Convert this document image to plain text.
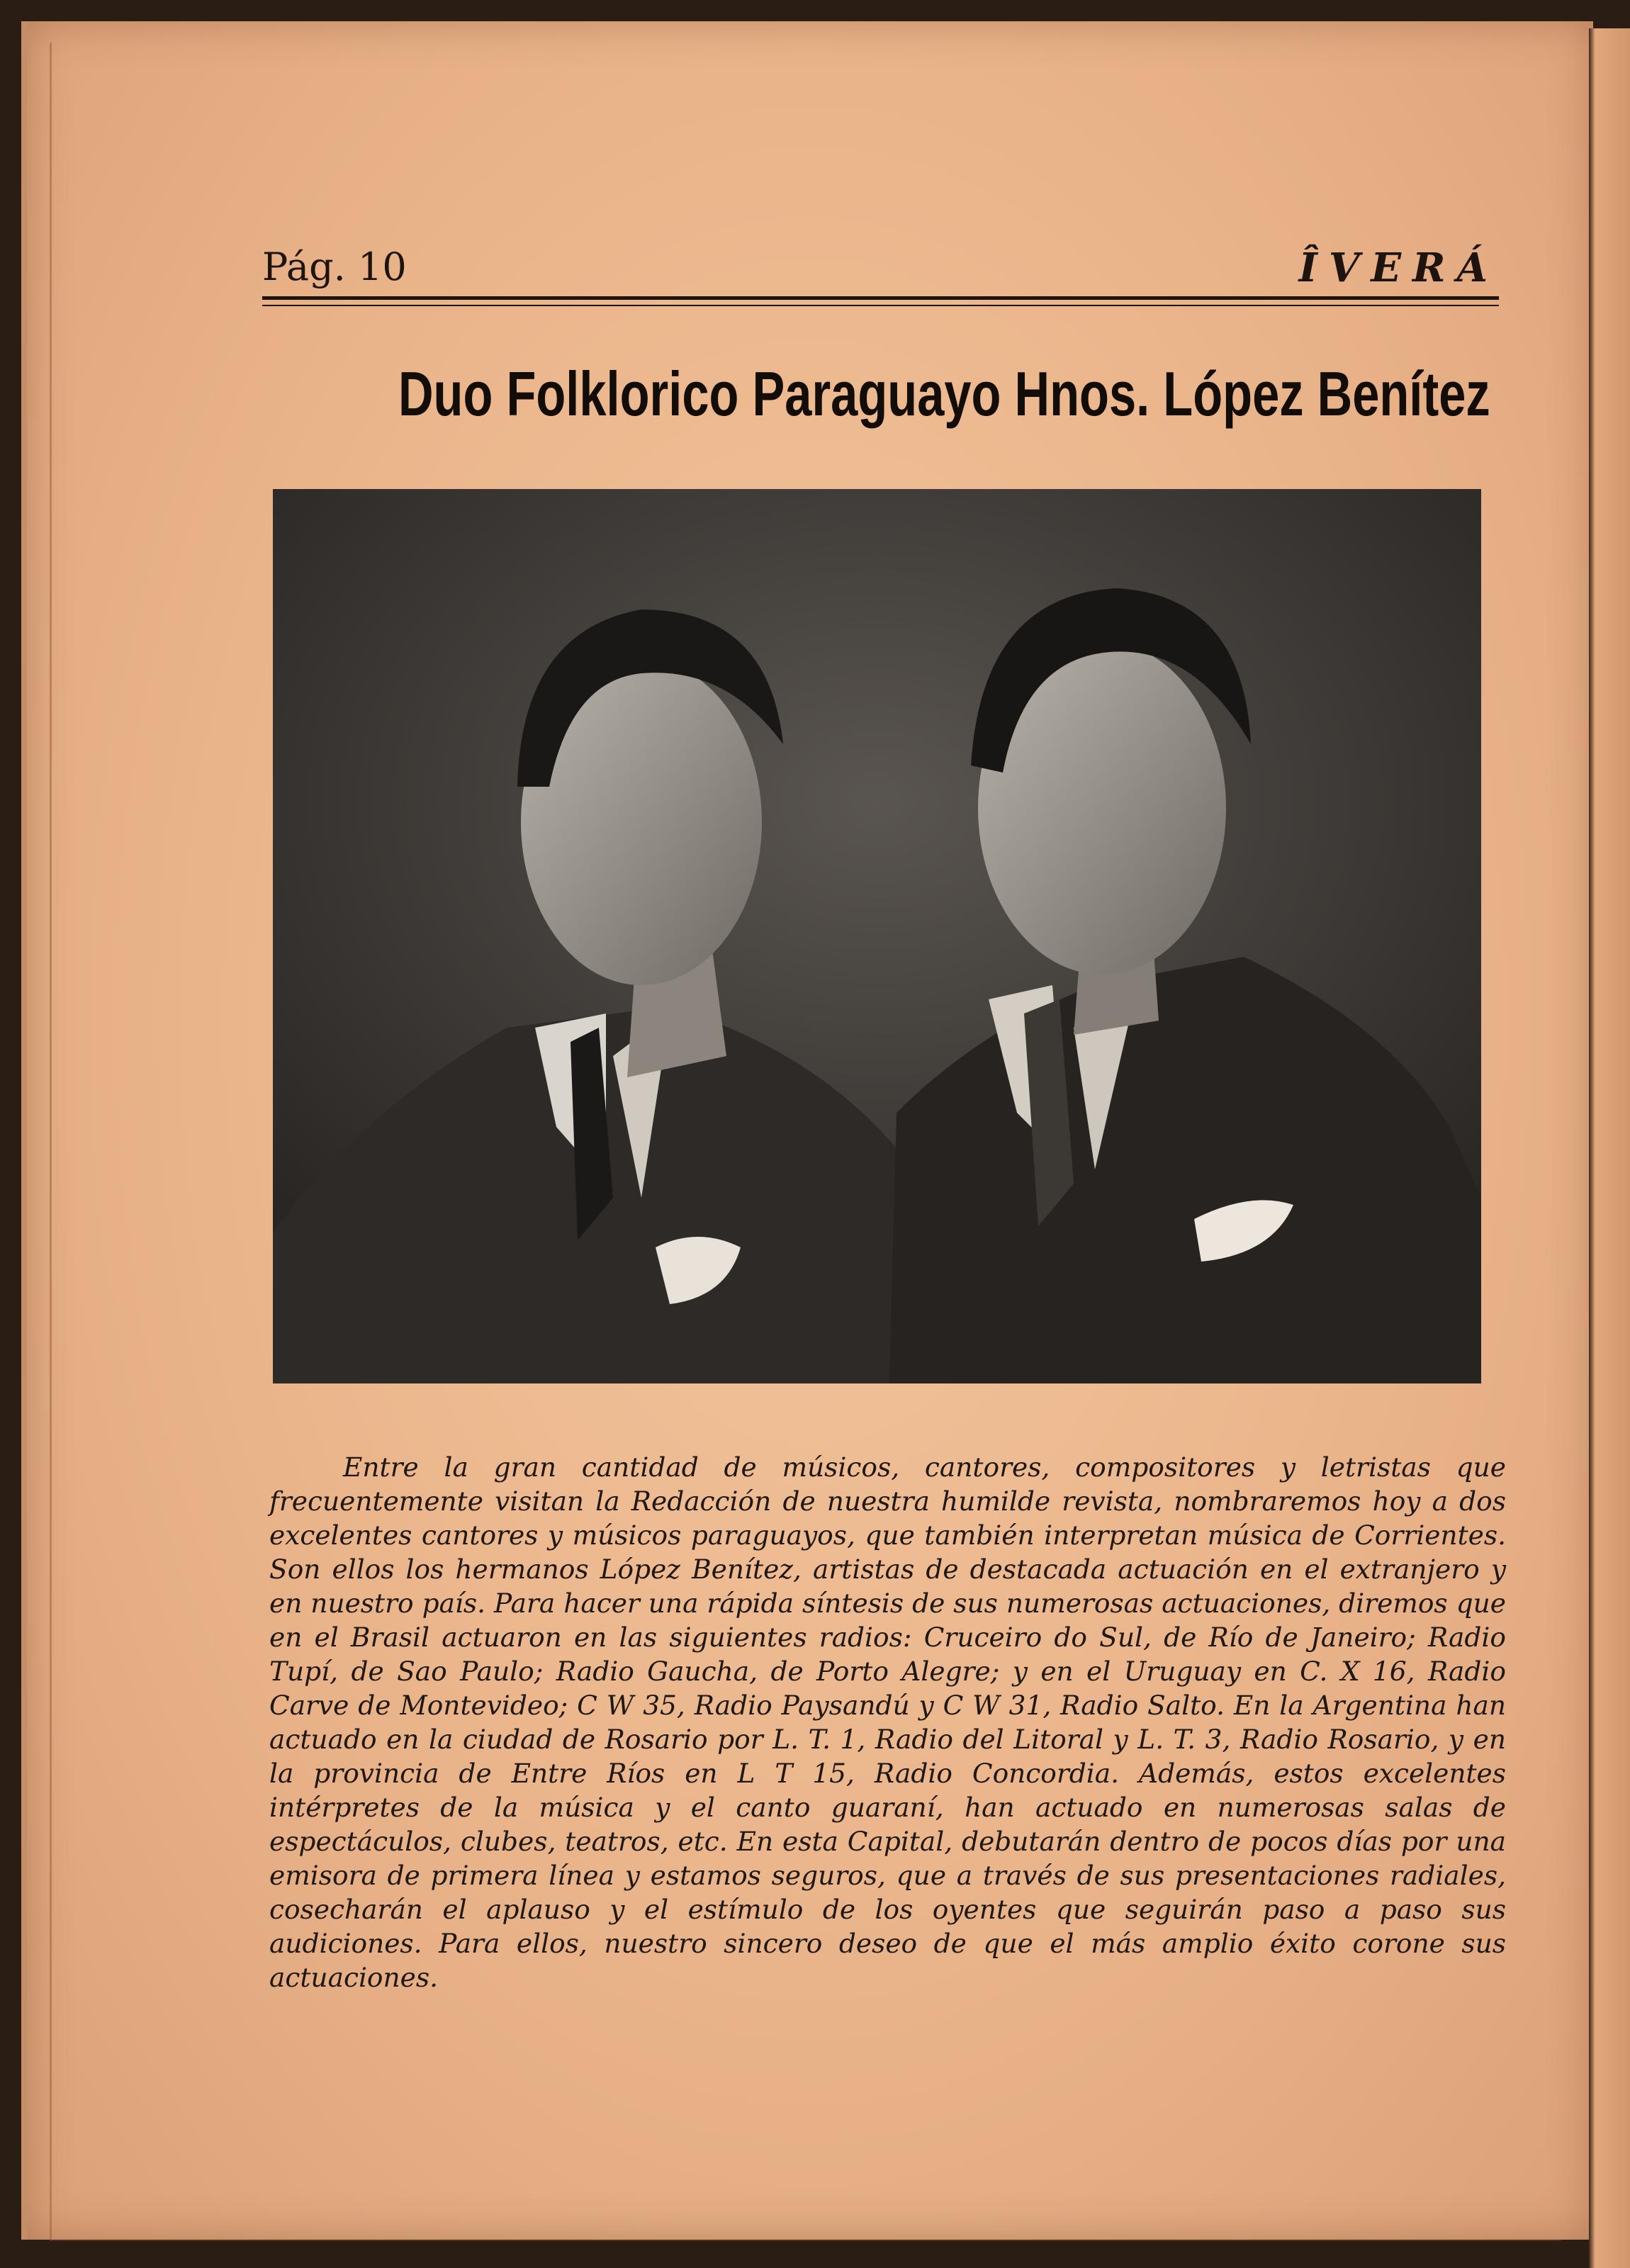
Pág. 10	ÎVERÁ
Duo Folklorico Paraguayo Hnos. López Benítez

Entre la gran cantidad de músicos, cantores, compositores y letristas que frecuentemente visitan la Redacción de nuestra humilde revista, nombraremos hoy a dos excelentes cantores y músicos paraguayos, que también interpretan música de Corrientes. Son ellos los hermanos López Benítez, artistas de destacada actuación en el extranjero y en nuestro país. Para hacer una rápida síntesis de sus numerosas actuaciones, diremos que en el Brasil actuaron en las siguientes radios: Cruceiro do Sul, de Río de Janeiro; Radio Tupí, de Sao Paulo; Radio Gaucha, de Porto Alegre; y en el Uruguay en C. X 16, Radio Carve de Montevideo; C W 35, Radio Paysandú y C W 31, Radio Salto. En la Argentina han actuado en la ciudad de Rosario por L. T. 1, Radio del Litoral y L. T. 3, Radio Rosario, y en la provincia de Entre Ríos en L T 15, Radio Concordia. Además, estos excelentes intérpretes de la música y el canto guaraní, han actuado en numerosas salas de espectáculos, clubes, teatros, etc. En esta Capital, debutarán dentro de pocos días por una emisora de primera línea y estamos seguros, que a través de sus presentaciones radiales, cosecharán el aplauso y el estímulo de los oyentes que seguirán paso a paso sus audiciones. Para ellos, nuestro sincero deseo de que el más amplio éxito corone sus actuaciones.
